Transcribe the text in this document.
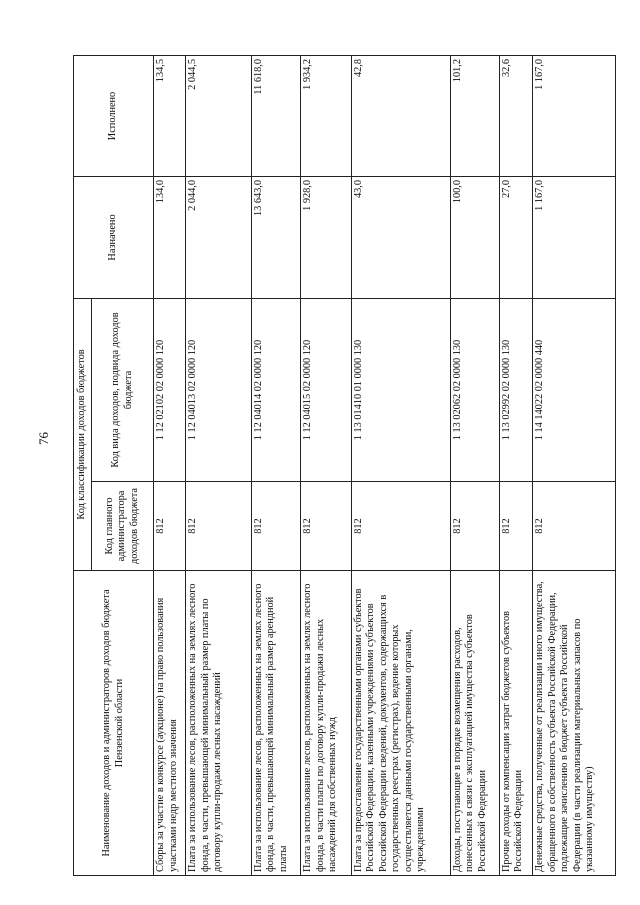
76
Наименование доходов и администраторов доходов бюджета Пензенской области	Код классификации доходов бюджетов		Назначено	Исполнено
	Код главного администратора доходов бюджета	Код вида доходов, подвида доходов бюджета		
Сборы за участие в конкурсе (аукционе) на право пользования участками недр местного значения	812	1 12 02102 02 0000 120	134,0	134,5
Плата за использование лесов, расположенных на землях лесного фонда, в части, превышающей минимальный размер платы по договору купли-продажи лесных насаждений	812	1 12 04013 02 0000 120	2 044,0	2 044,5
Плата за использование лесов, расположенных на землях лесного фонда, в части, превышающей минимальный размер арендной платы	812	1 12 04014 02 0000 120	13 643,0	11 618,0
Плата за использование лесов, расположенных на землях лесного фонда, в части платы по договору купли-продажи лесных насаждений для собственных нужд	812	1 12 04015 02 0000 120	1 928,0	1 934,2
Плата за предоставление государственными органами субъектов Российской Федерации, казенными учреждениями субъектов Российской Федерации сведений, документов, содержащихся в государственных реестрах (регистрах), ведение которых осуществляется данными государственными органами, учреждениями	812	1 13 01410 01 0000 130	43,0	42,8
Доходы, поступающие в порядке возмещения расходов, понесенных в связи с эксплуатацией имущества субъектов Российской Федерации	812	1 13 02062 02 0000 130	100,0	101,2
Прочие доходы от компенсации затрат бюджетов субъектов Российской Федерации	812	1 13 02992 02 0000 130	27,0	32,6
Денежные средства, полученные от реализации иного имущества, обращенного в собственность субъекта Российской Федерации, подлежащие зачислению в бюджет субъекта Российской Федерации (в части реализации материальных запасов по указанному имуществу)	812	1 14 14022 02 0000 440	1 167,0	1 167,0
